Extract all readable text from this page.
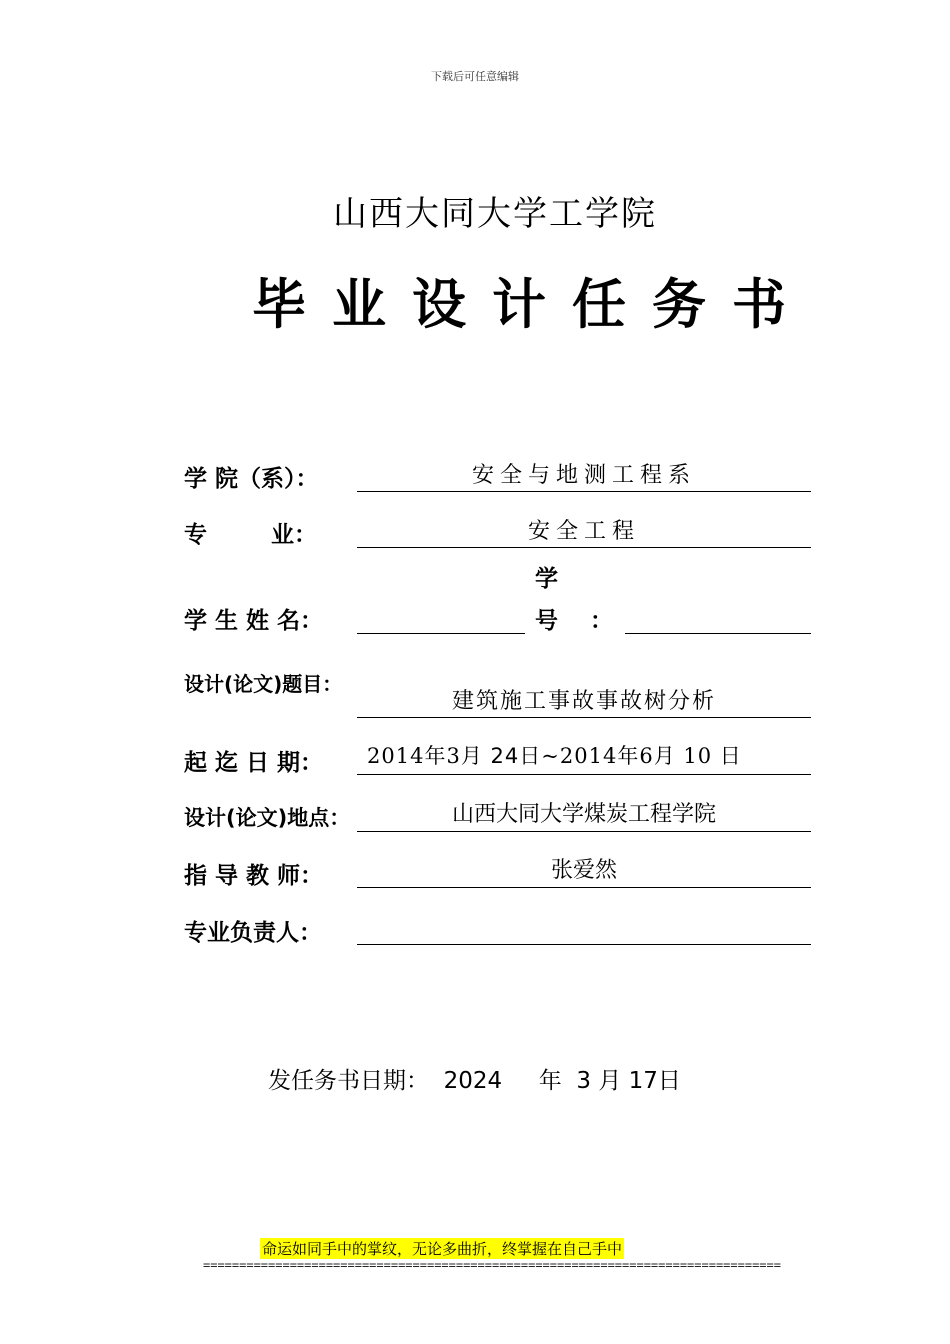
下载后可任意编辑
山西大同大学工学院
毕业设计任务书
学 院（系）：	安全与地测工程系
专        业：	安全工程
学 生 姓 名：
学
号    ：
设计(论文)题目：
建筑施工事故事故树分析
起 迄 日 期：	2014年3月 24日~2014年6月 10 日
设计(论文)地点：	山西大同大学煤炭工程学院
指 导 教 师：	张爱然
专业负责人：
发任务书日期： 2024 年 3 月 17日
命运如同手中的掌纹，无论多曲折，终掌握在自己手中
================================================================================
